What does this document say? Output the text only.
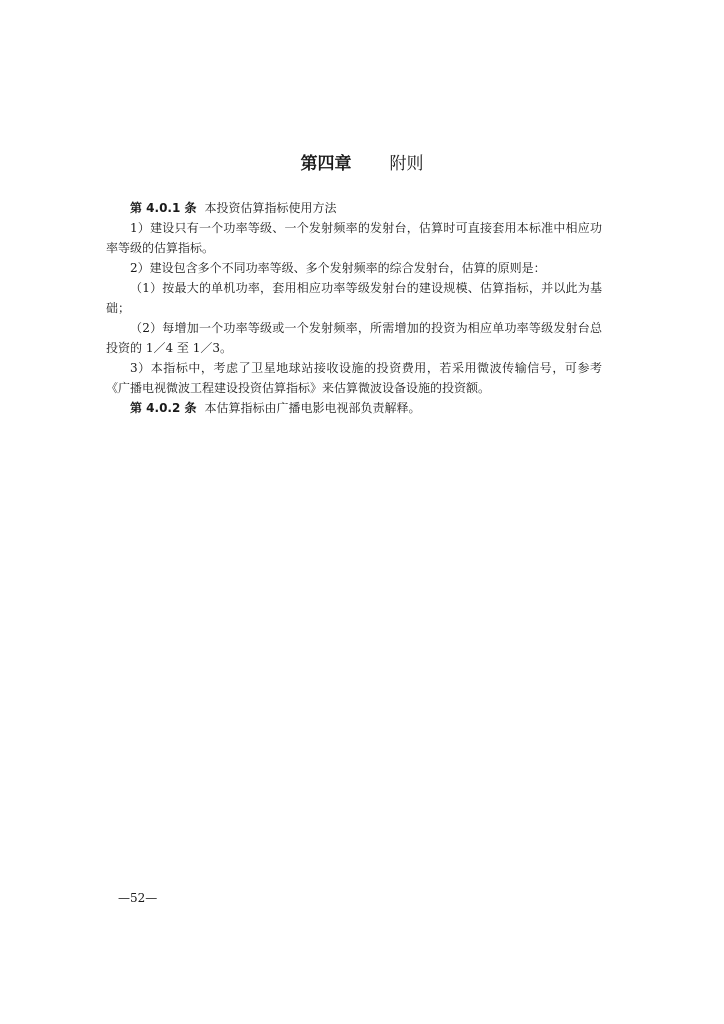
第四章 附则

第 4.0.1 条 本投资估算指标使用方法

1）建设只有一个功率等级、一个发射频率的发射台，估算时可直接套用本标准中相应功率等级的估算指标。

2）建设包含多个不同功率等级、多个发射频率的综合发射台，估算的原则是：

（1）按最大的单机功率，套用相应功率等级发射台的建设规模、估算指标，并以此为基础；

（2）每增加一个功率等级或一个发射频率，所需增加的投资为相应单功率等级发射台总投资的 1／4 至 1／3。

3）本指标中，考虑了卫星地球站接收设施的投资费用，若采用微波传输信号，可参考《广播电视微波工程建设投资估算指标》来估算微波设备设施的投资额。

第 4.0.2 条 本估算指标由广播电影电视部负责解释。

—52—
